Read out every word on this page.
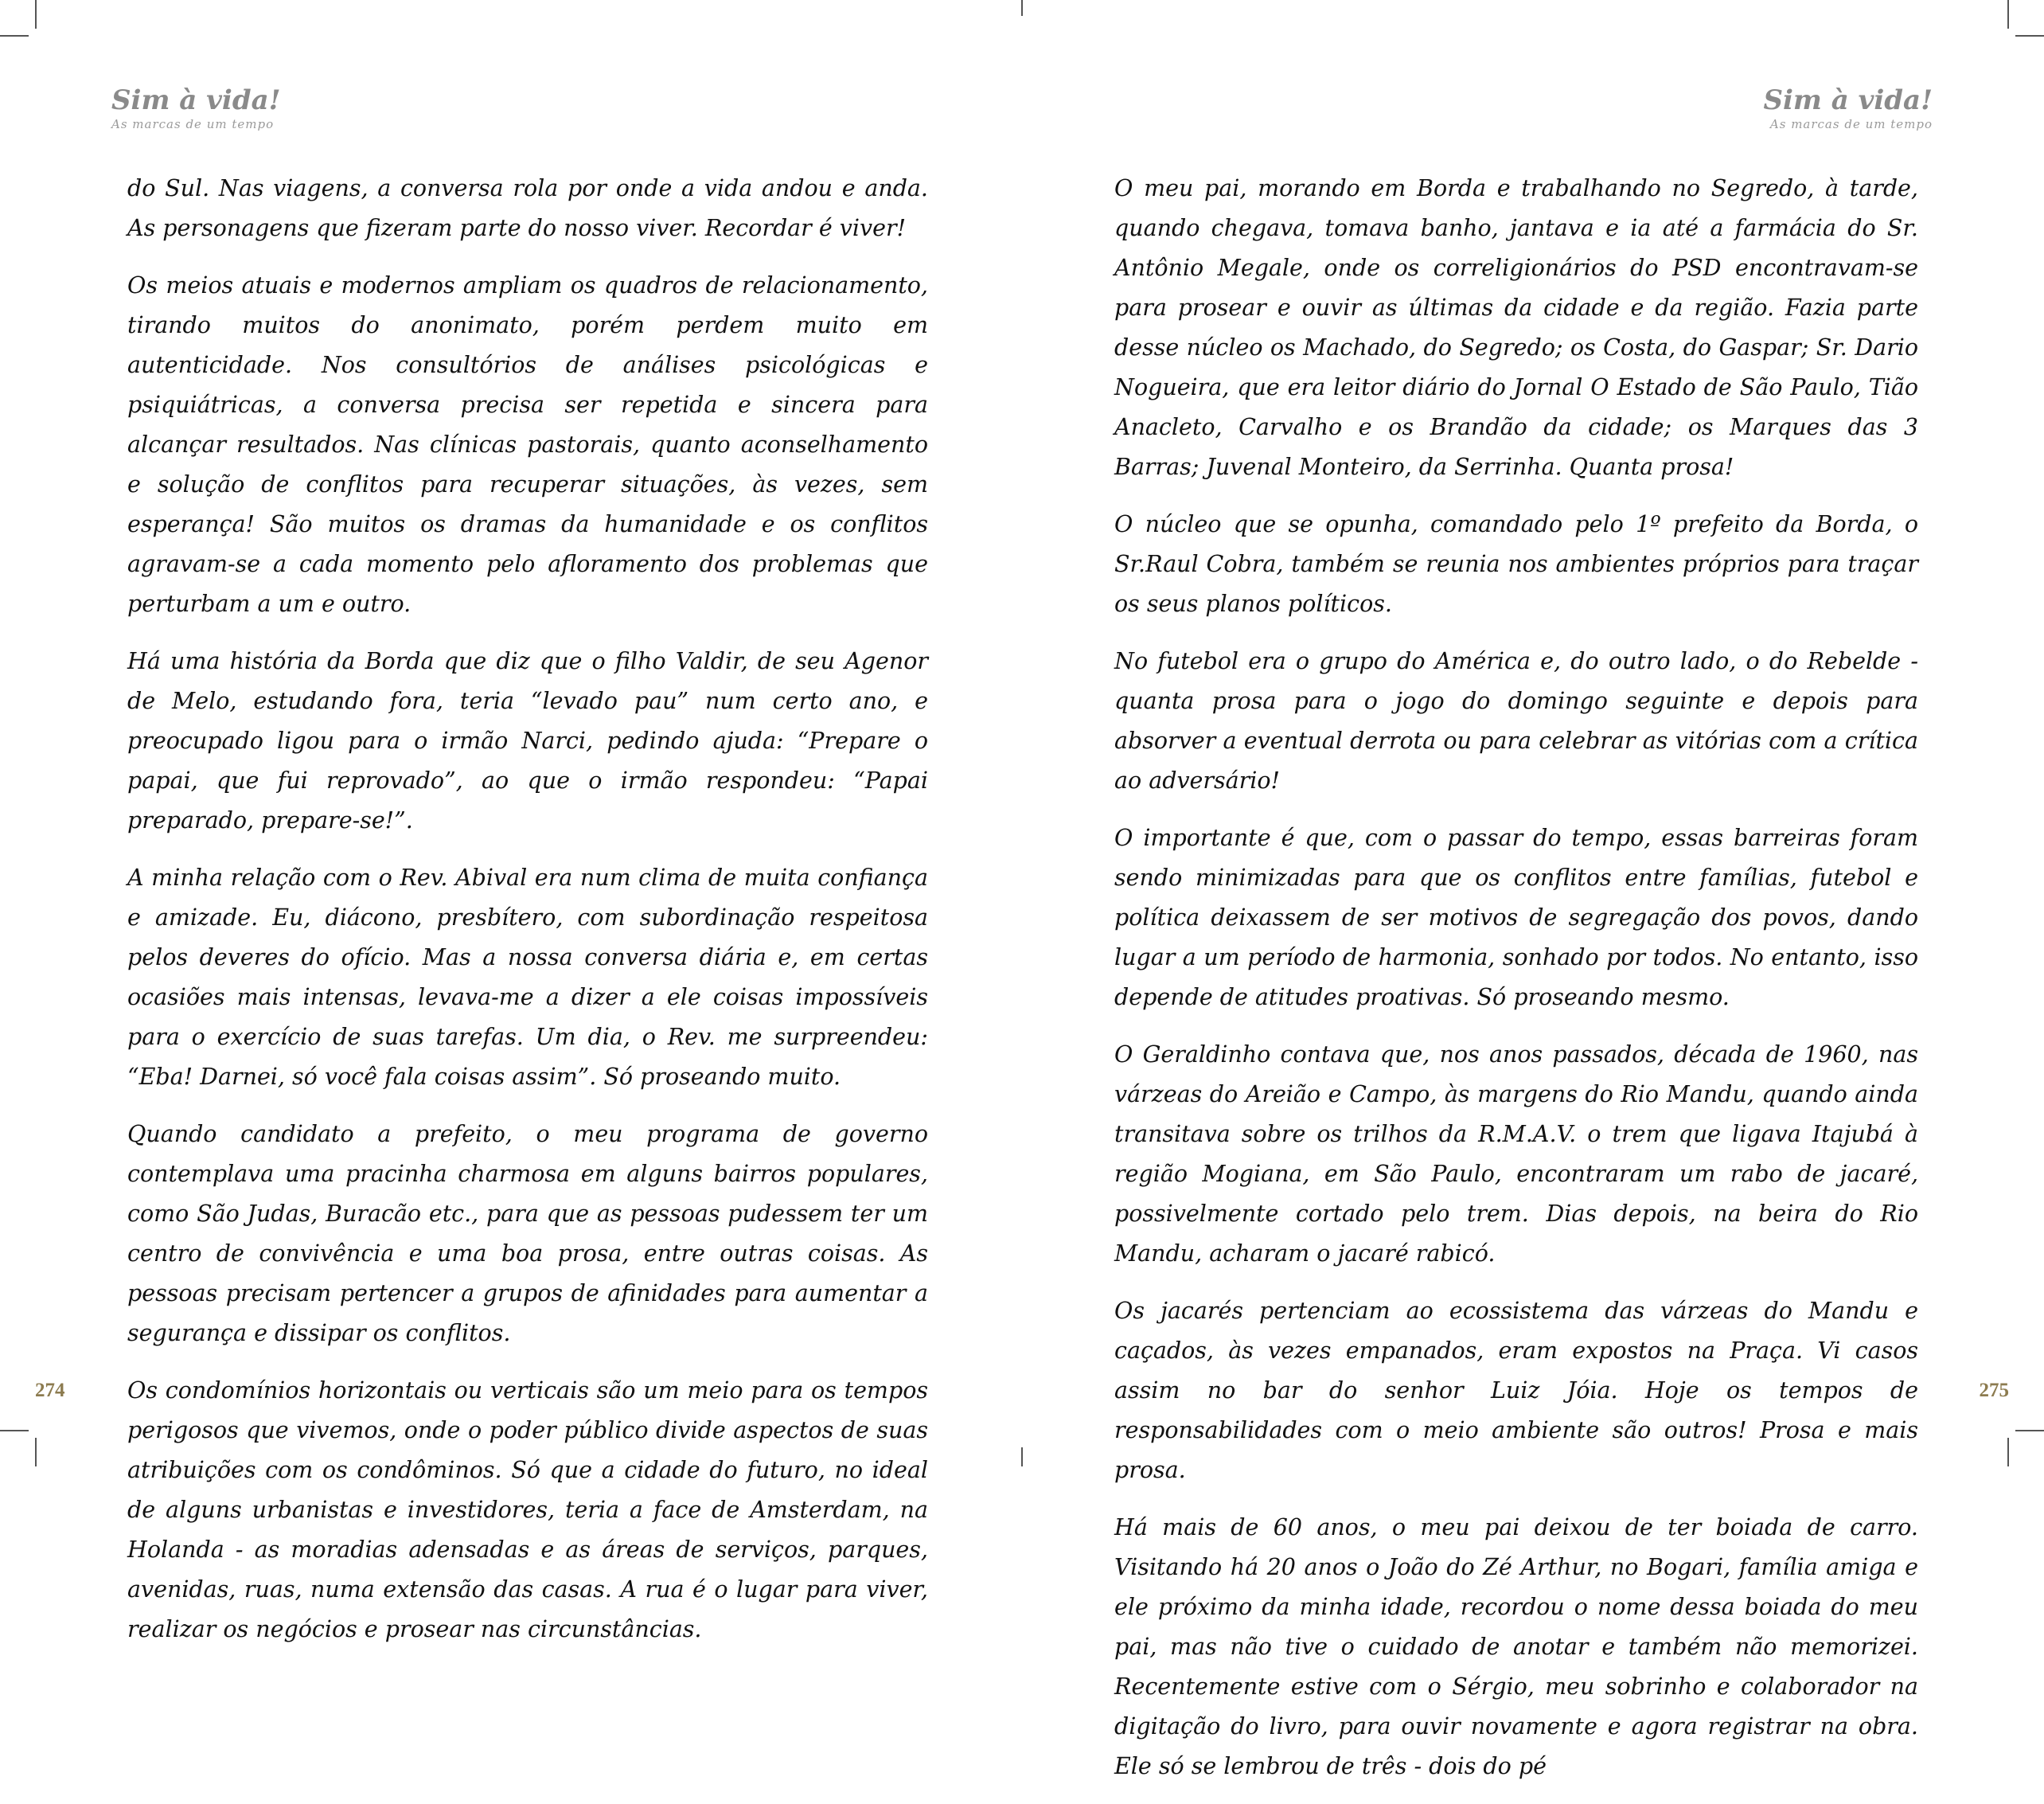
Sim à vida!
As marcas de um tempo

do Sul. Nas viagens, a conversa rola por onde a vida andou e anda. As personagens que fizeram parte do nosso viver. Recordar é viver!

Os meios atuais e modernos ampliam os quadros de relacionamento, tirando muitos do anonimato, porém perdem muito em autenticidade. Nos consultórios de análises psicológicas e psiquiátricas, a conversa precisa ser repetida e sincera para alcançar resultados. Nas clínicas pastorais, quanto aconselhamento e solução de conflitos para recuperar situações, às vezes, sem esperança! São muitos os dramas da humanidade e os conflitos agravam-se a cada momento pelo afloramento dos problemas que perturbam a um e outro.

Há uma história da Borda que diz que o filho Valdir, de seu Agenor de Melo, estudando fora, teria “levado pau” num certo ano, e preocupado ligou para o irmão Narci, pedindo ajuda: “Prepare o papai, que fui reprovado”, ao que o irmão respondeu: “Papai preparado, prepare-se!”.

A minha relação com o Rev. Abival era num clima de muita confiança e amizade. Eu, diácono, presbítero, com subordinação respeitosa pelos deveres do ofício. Mas a nossa conversa diária e, em certas ocasiões mais intensas, levava-me a dizer a ele coisas impossíveis para o exercício de suas tarefas. Um dia, o Rev. me surpreendeu: “Eba! Darnei, só você fala coisas assim”. Só proseando muito.

Quando candidato a prefeito, o meu programa de governo contemplava uma pracinha charmosa em alguns bairros populares, como São Judas, Buracão etc., para que as pessoas pudessem ter um centro de convivência e uma boa prosa, entre outras coisas. As pessoas precisam pertencer a grupos de afinidades para aumentar a segurança e dissipar os conflitos.

Os condomínios horizontais ou verticais são um meio para os tempos perigosos que vivemos, onde o poder público divide aspectos de suas atribuições com os condôminos. Só que a cidade do futuro, no ideal de alguns urbanistas e investidores, teria a face de Amsterdam, na Holanda - as moradias adensadas e as áreas de serviços, parques, avenidas, ruas, numa extensão das casas. A rua é o lugar para viver, realizar os negócios e prosear nas circunstâncias.

274
Sim à vida!
As marcas de um tempo

O meu pai, morando em Borda e trabalhando no Segredo, à tarde, quando chegava, tomava banho, jantava e ia até a farmácia do Sr. Antônio Megale, onde os correligionários do PSD encontravam-se para prosear e ouvir as últimas da cidade e da região. Fazia parte desse núcleo os Machado, do Segredo; os Costa, do Gaspar; Sr. Dario Nogueira, que era leitor diário do Jornal O Estado de São Paulo, Tião Anacleto, Carvalho e os Brandão da cidade; os Marques das 3 Barras; Juvenal Monteiro, da Serrinha. Quanta prosa!

O núcleo que se opunha, comandado pelo 1º prefeito da Borda, o Sr.Raul Cobra, também se reunia nos ambientes próprios para traçar os seus planos políticos.

No futebol era o grupo do América e, do outro lado, o do Rebelde - quanta prosa para o jogo do domingo seguinte e depois para absorver a eventual derrota ou para celebrar as vitórias com a crítica ao adversário!

O importante é que, com o passar do tempo, essas barreiras foram sendo minimizadas para que os conflitos entre famílias, futebol e política deixassem de ser motivos de segregação dos povos, dando lugar a um período de harmonia, sonhado por todos. No entanto, isso depende de atitudes proativas. Só proseando mesmo.

O Geraldinho contava que, nos anos passados, década de 1960, nas várzeas do Areião e Campo, às margens do Rio Mandu, quando ainda transitava sobre os trilhos da R.M.A.V. o trem que ligava Itajubá à região Mogiana, em São Paulo, encontraram um rabo de jacaré, possivelmente cortado pelo trem. Dias depois, na beira do Rio Mandu, acharam o jacaré rabicó.

Os jacarés pertenciam ao ecossistema das várzeas do Mandu e caçados, às vezes empanados, eram expostos na Praça. Vi casos assim no bar do senhor Luiz Jóia. Hoje os tempos de responsabilidades com o meio ambiente são outros! Prosa e mais prosa.

Há mais de 60 anos, o meu pai deixou de ter boiada de carro. Visitando há 20 anos o João do Zé Arthur, no Bogari, família amiga e ele próximo da minha idade, recordou o nome dessa boiada do meu pai, mas não tive o cuidado de anotar e também não memorizei. Recentemente estive com o Sérgio, meu sobrinho e colaborador na digitação do livro, para ouvir novamente e agora registrar na obra. Ele só se lembrou de três - dois do pé

275
